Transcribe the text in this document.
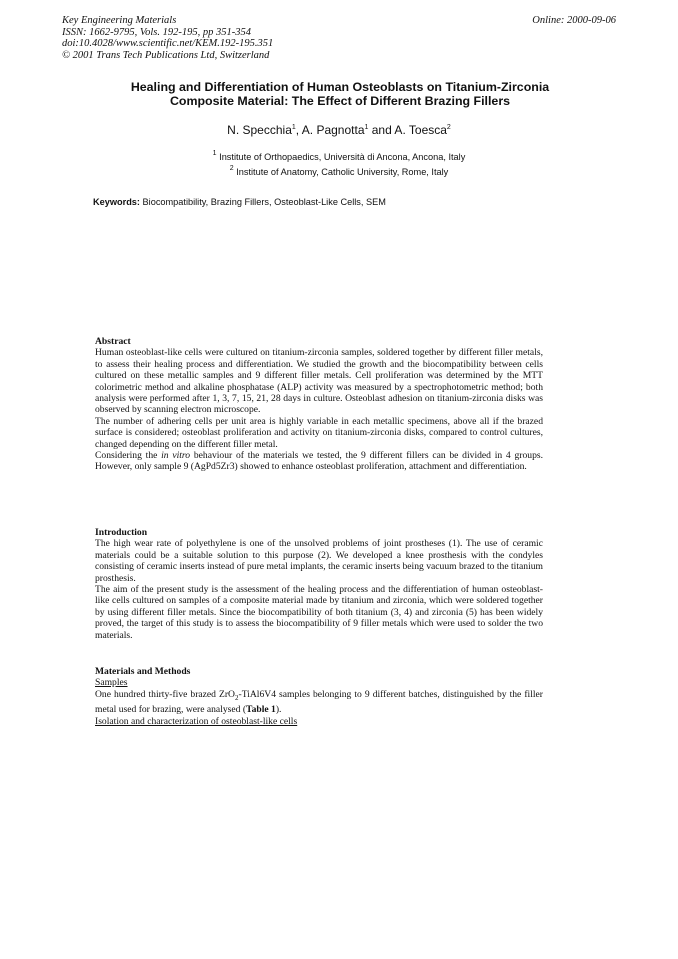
Key Engineering Materials
ISSN: 1662-9795, Vols. 192-195, pp 351-354
doi:10.4028/www.scientific.net/KEM.192-195.351
© 2001 Trans Tech Publications Ltd, Switzerland
Online: 2000-09-06
Healing and Differentiation of Human Osteoblasts on Titanium-Zirconia
Composite Material: The Effect of Different Brazing Fillers
N. Specchia$^1$, A. Pagnotta$^1$ and A. Toesca$^2$
$^1$ Institute of Orthopaedics, Università di Ancona, Ancona, Italy
$^2$ Institute of Anatomy, Catholic University, Rome, Italy
Keywords: Biocompatibility, Brazing Fillers, Osteoblast-Like Cells, SEM

Abstract

Human osteoblast-like cells were cultured on titanium-zirconia samples, soldered together by different filler metals, to assess their healing process and differentiation. We studied the growth and the biocompatibility between cells cultured on these metallic samples and 9 different filler metals. Cell proliferation was determined by the MTT colorimetric method and alkaline phosphatase (ALP) activity was measured by a spectrophotometric method; both analysis were performed after 1, 3, 7, 15, 21, 28 days in culture. Osteoblast adhesion on titanium-zirconia disks was observed by scanning electron microscope.

The number of adhering cells per unit area is highly variable in each metallic specimens, above all if the brazed surface is considered; osteoblast proliferation and activity on titanium-zirconia disks, compared to control cultures, changed depending on the different filler metal.

Considering the in vitro behaviour of the materials we tested, the 9 different fillers can be divided in 4 groups. However, only sample 9 (AgPd5Zr3) showed to enhance osteoblast proliferation, attachment and differentiation.

Introduction

The high wear rate of polyethylene is one of the unsolved problems of joint prostheses (1). The use of ceramic materials could be a suitable solution to this purpose (2). We developed a knee prosthesis with the condyles consisting of ceramic inserts instead of pure metal implants, the ceramic inserts being vacuum brazed to the titanium prosthesis.

The aim of the present study is the assessment of the healing process and the differentiation of human osteoblast-like cells cultured on samples of a composite material made by titanium and zirconia, which were soldered together by using different filler metals. Since the biocompatibility of both titanium (3, 4) and zirconia (5) has been widely proved, the target of this study is to assess the biocompatibility of 9 filler metals which were used to solder the two materials.

Materials and Methods

Samples

One hundred thirty-five brazed ZrO$_2$-TiAl6V4 samples belonging to 9 different batches, distinguished by the filler metal used for brazing, were analysed (Table 1).

Isolation and characterization of osteoblast-like cells
